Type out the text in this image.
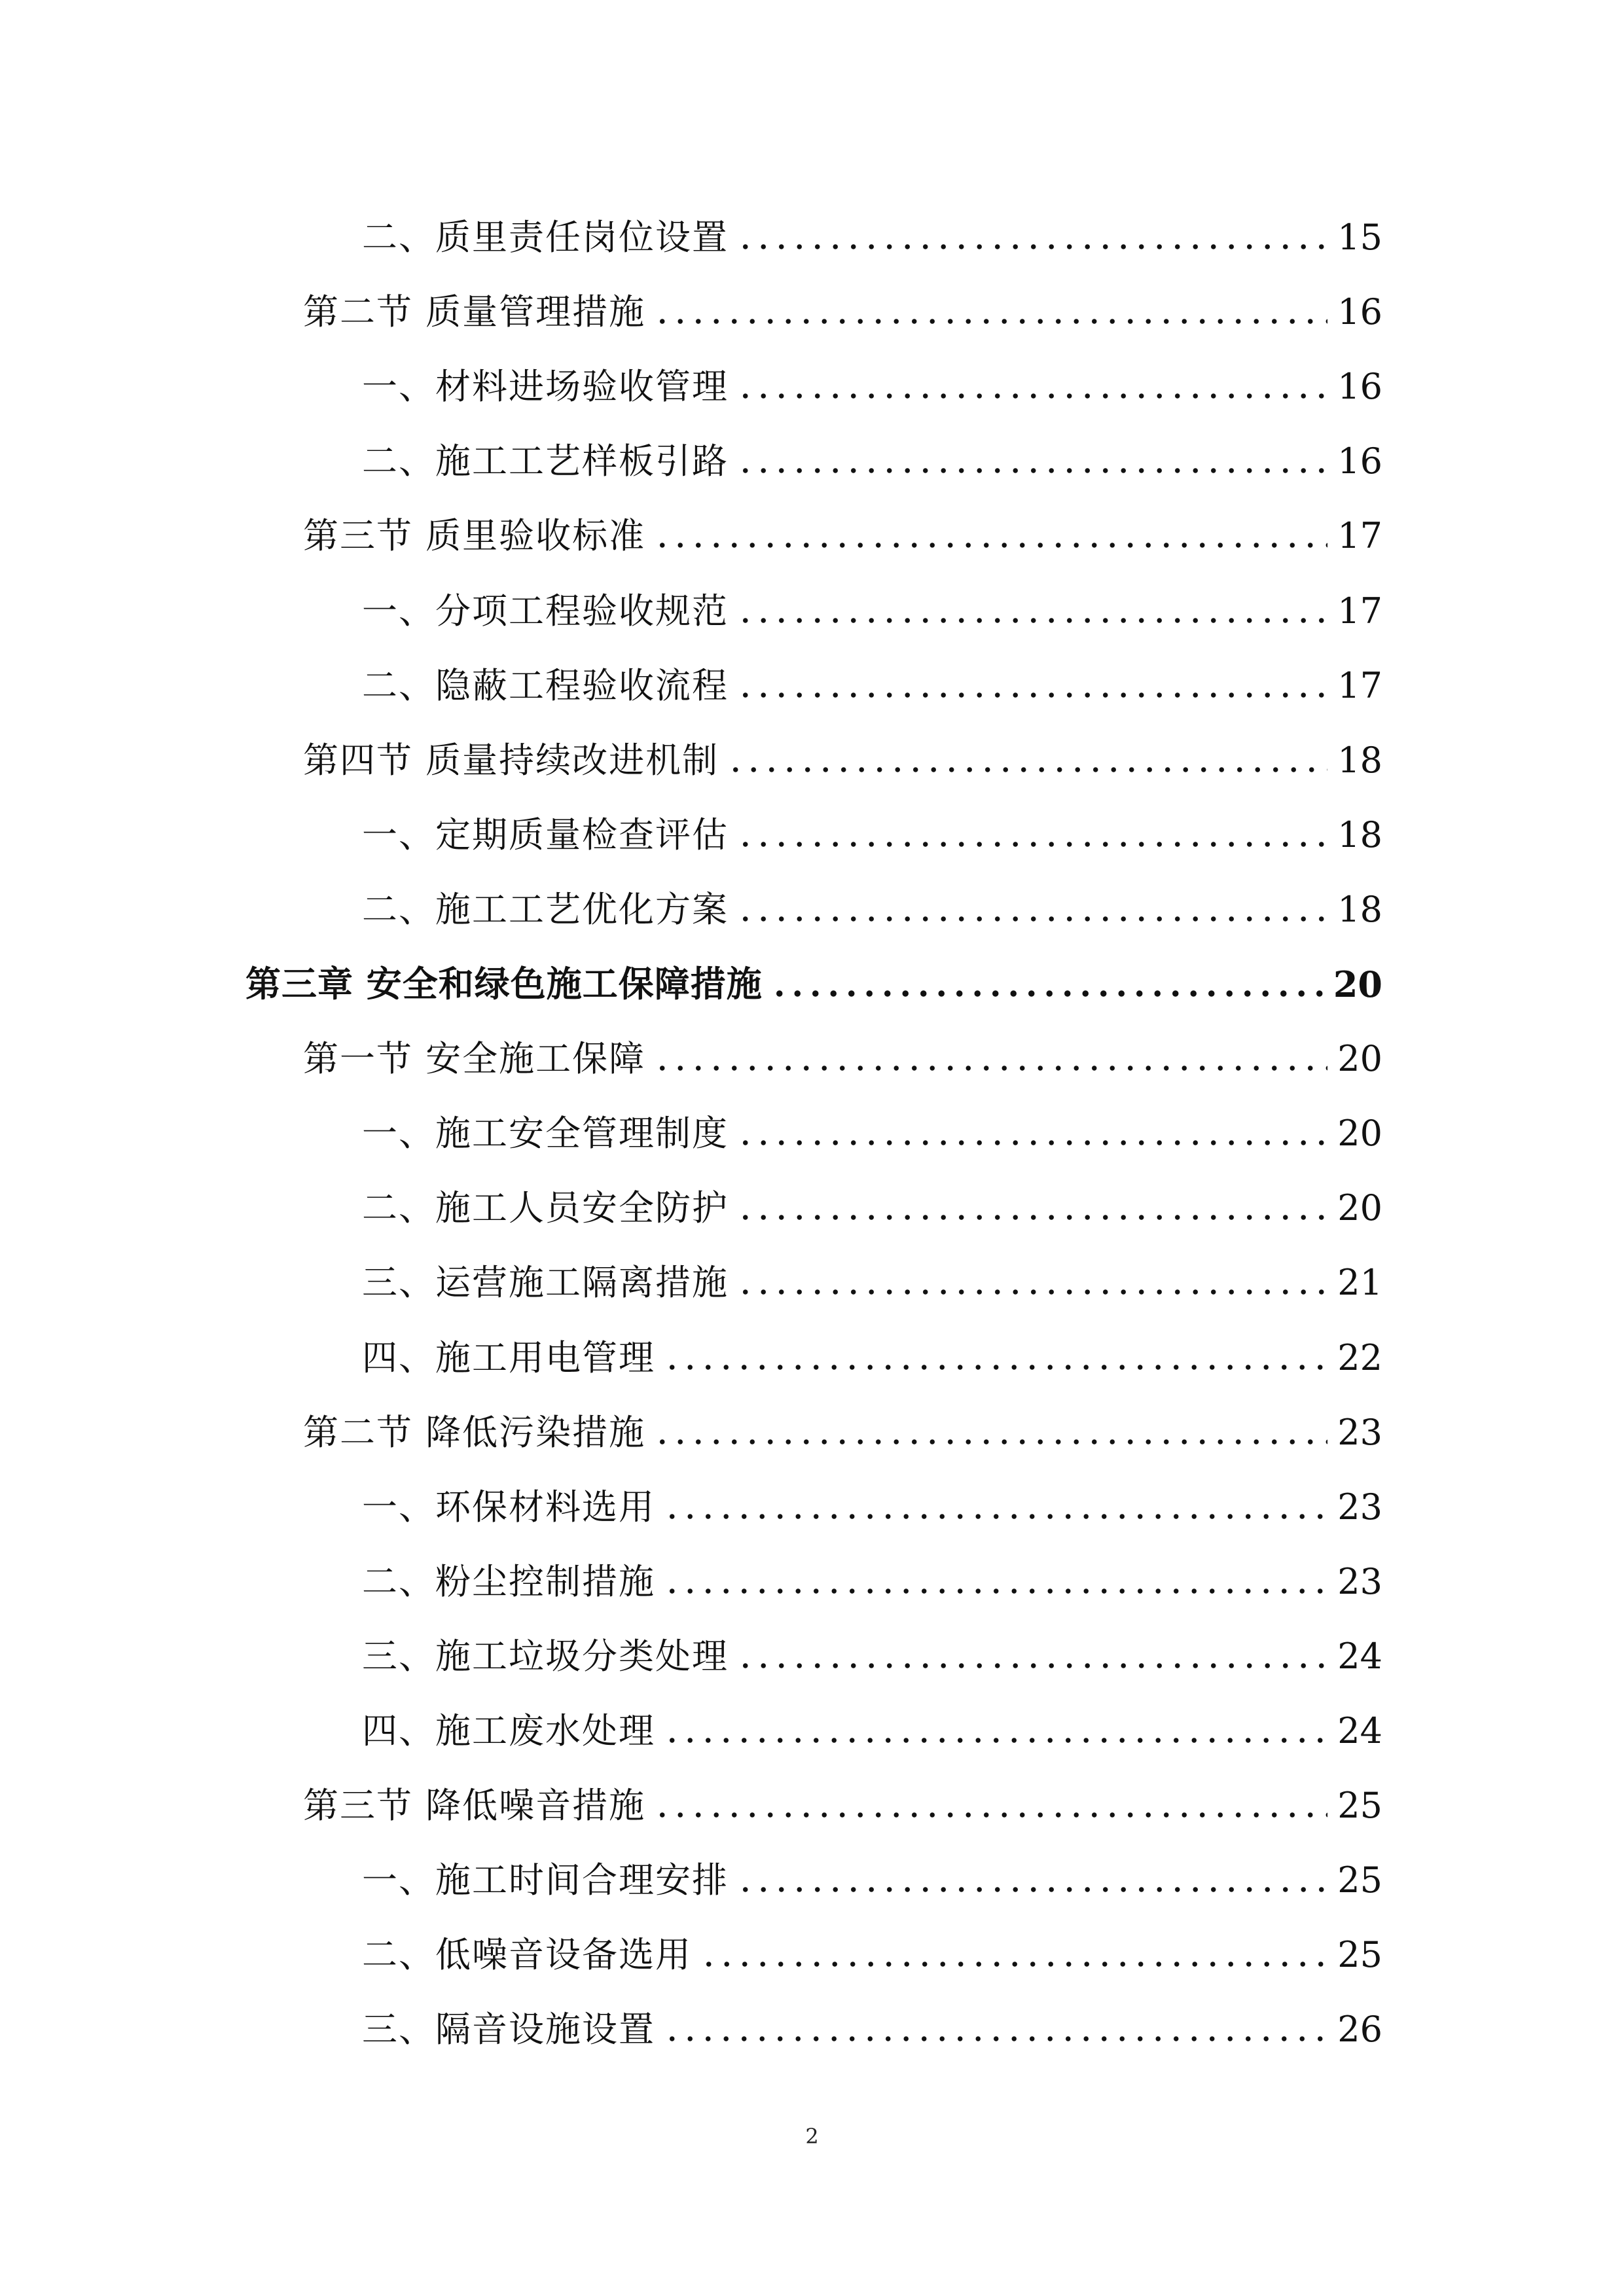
二、质里责任岗位设置	15
第二节 质量管理措施	16
一、材料进场验收管理	16
二、施工工艺样板引路	16
第三节 质里验收标准	17
一、分项工程验收规范	17
二、隐蔽工程验收流程	17
第四节 质量持续改进机制	18
一、定期质量检查评估	18
二、施工工艺优化方案	18
第三章 安全和绿色施工保障措施	20
第一节 安全施工保障	20
一、施工安全管理制度	20
二、施工人员安全防护	20
三、运营施工隔离措施	21
四、施工用电管理	22
第二节 降低污染措施	23
一、环保材料选用	23
二、粉尘控制措施	23
三、施工垃圾分类处理	24
四、施工废水处理	24
第三节 降低噪音措施	25
一、施工时间合理安排	25
二、低噪音设备选用	25
三、隔音设施设置	26
2
